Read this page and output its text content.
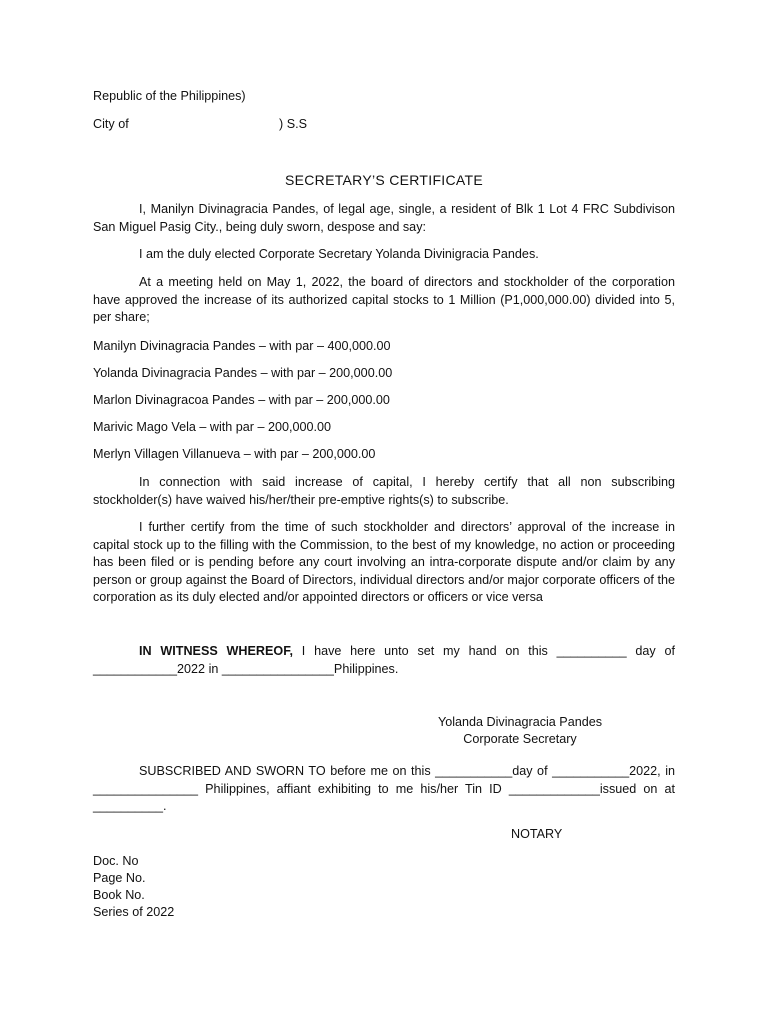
Republic of the Philippines)
City of	) S.S
SECRETARY’S CERTIFICATE
I, Manilyn Divinagracia Pandes, of legal age, single, a resident of Blk 1 Lot 4 FRC Subdivison San Miguel Pasig City., being duly sworn, despose and say:
I am the duly elected Corporate Secretary Yolanda Divinigracia Pandes.
At a meeting held on May 1, 2022, the board of directors and stockholder of the corporation have approved the increase of its authorized capital stocks to 1 Million (P1,000,000.00) divided into 5, per share;
Manilyn Divinagracia Pandes – with par – 400,000.00
Yolanda Divinagracia Pandes – with par – 200,000.00
Marlon Divinagracoa Pandes – with par – 200,000.00
Marivic Mago Vela – with par – 200,000.00
Merlyn Villagen Villanueva – with par – 200,000.00
In connection with said increase of capital, I hereby certify that all non subscribing stockholder(s) have waived his/her/their pre-emptive rights(s) to subscribe.
I further certify from the time of such stockholder and directors’ approval of the increase in capital stock up to the filling with the Commission, to the best of my knowledge, no action or proceeding has been filed or is pending before any court involving an intra-corporate dispute and/or claim by any person or group against the Board of Directors, individual directors and/or major corporate officers of the corporation as its duly elected and/or appointed directors or officers or vice versa
IN WITNESS WHEREOF, I have here unto set my hand on this __________ day of ____________2022 in ________________Philippines.
Yolanda Divinagracia Pandes
Corporate Secretary
SUBSCRIBED AND SWORN TO before me on this ___________day of ___________2022, in _______________ Philippines, affiant exhibiting to me his/her Tin ID _____________issued on at __________.
NOTARY
Doc. No
Page No.
Book No.
Series of 2022
